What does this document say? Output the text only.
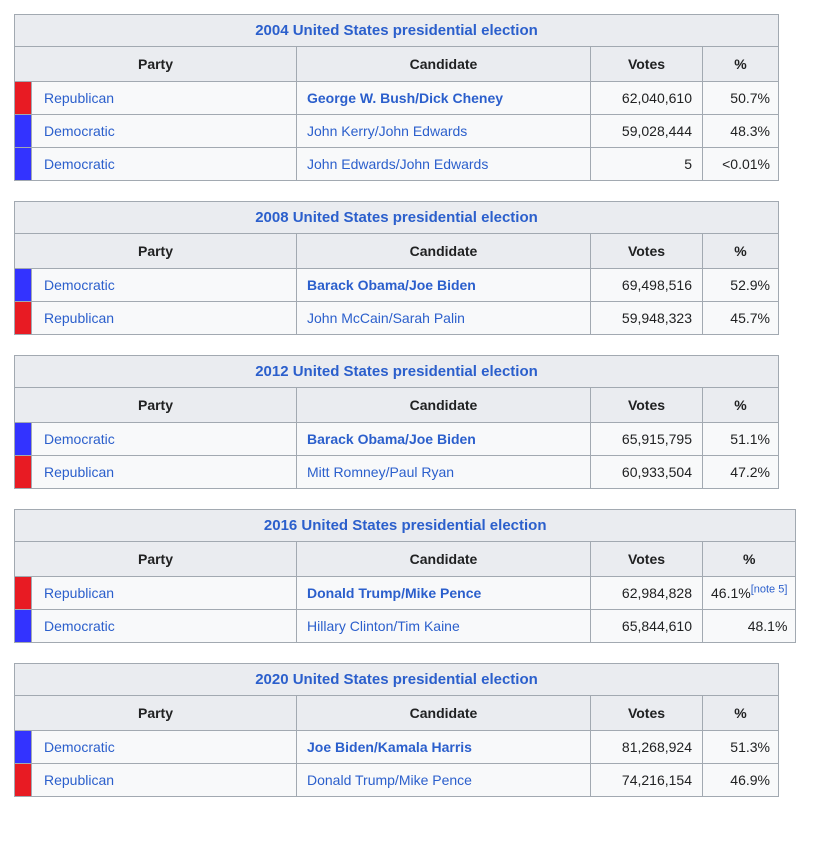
2004 United States presidential election				
Party		Candidate	Votes	%
	Republican	George W. Bush/Dick Cheney	62,040,610	50.7%
	Democratic	John Kerry/John Edwards	59,028,444	48.3%
	Democratic	John Edwards/John Edwards	5	<0.01%
2008 United States presidential election				
Party		Candidate	Votes	%
	Democratic	Barack Obama/Joe Biden	69,498,516	52.9%
	Republican	John McCain/Sarah Palin	59,948,323	45.7%
2012 United States presidential election				
Party		Candidate	Votes	%
	Democratic	Barack Obama/Joe Biden	65,915,795	51.1%
	Republican	Mitt Romney/Paul Ryan	60,933,504	47.2%
2016 United States presidential election				
Party		Candidate	Votes	%
	Republican	Donald Trump/Mike Pence	62,984,828	46.1%[note 5]
	Democratic	Hillary Clinton/Tim Kaine	65,844,610	48.1%
2020 United States presidential election				
Party		Candidate	Votes	%
	Democratic	Joe Biden/Kamala Harris	81,268,924	51.3%
	Republican	Donald Trump/Mike Pence	74,216,154	46.9%
